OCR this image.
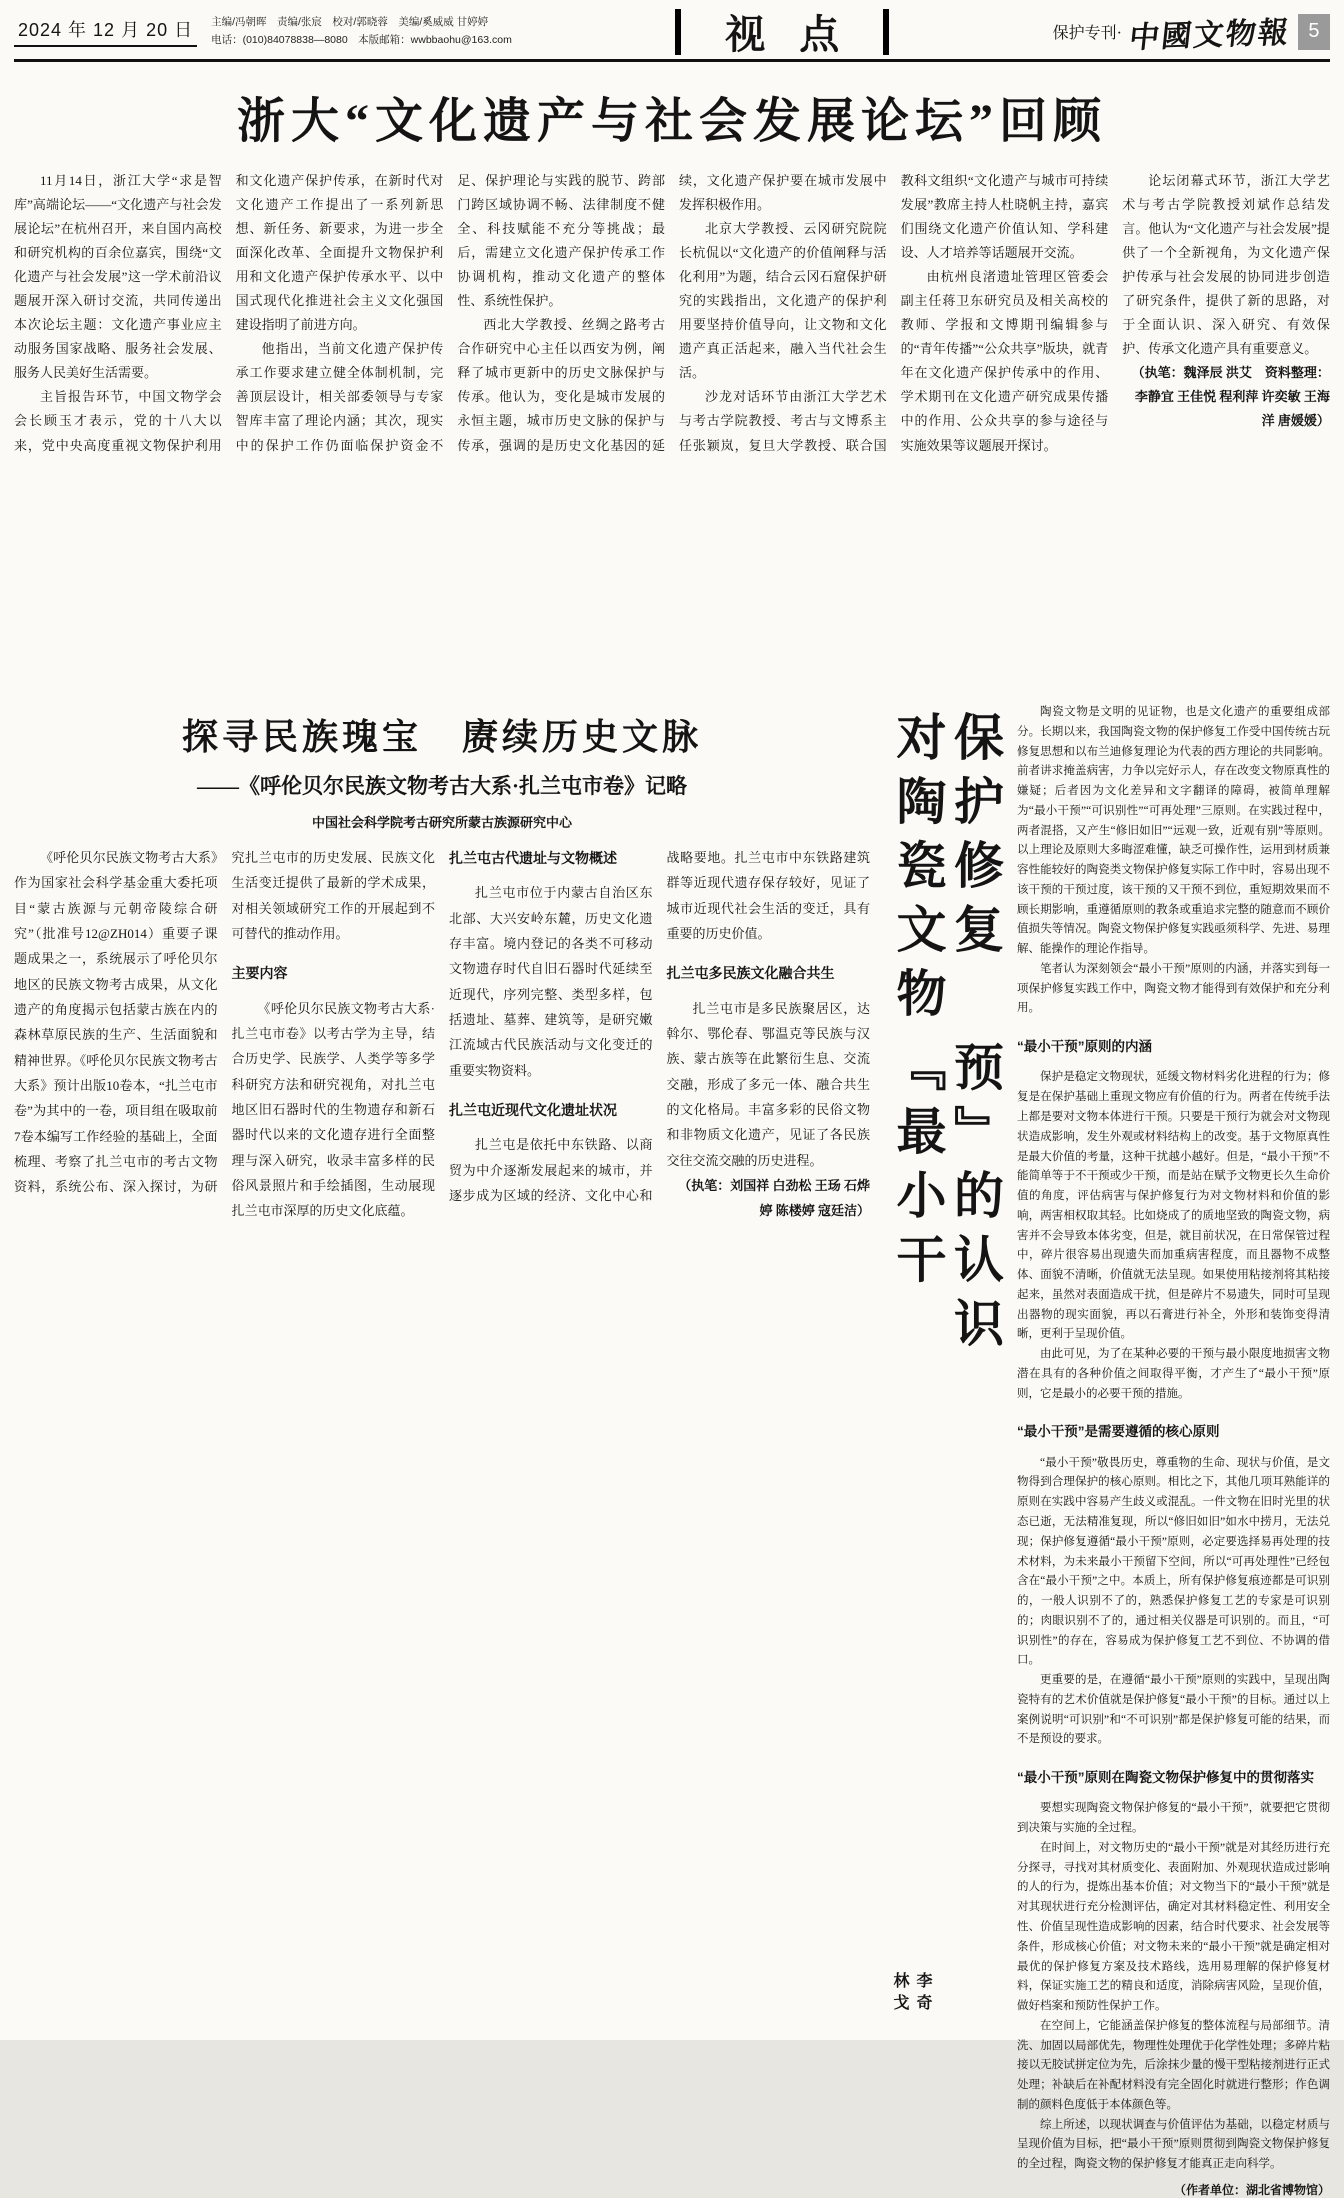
2024 年 12 月 20 日	主编/冯朝晖　责编/张宸　校对/郭晓蓉　美编/奚威威 甘婷婷
电话：(010)84078838—8080　本版邮箱：wwbbaohu@163.com	视点	保护专刊· 中國文物報 5
浙大“文化遗产与社会发展论坛”回顾

11月14日，浙江大学“求是智库”高端论坛——“文化遗产与社会发展论坛”在杭州召开，来自国内高校和研究机构的百余位嘉宾，围绕“文化遗产与社会发展”这一学术前沿议题展开深入研讨交流，共同传递出本次论坛主题：文化遗产事业应主动服务国家战略、服务社会发展、服务人民美好生活需要。

主旨报告环节，中国文物学会会长顾玉才表示，党的十八大以来，党中央高度重视文物保护利用和文化遗产保护传承，在新时代对文化遗产工作提出了一系列新思想、新任务、新要求，为进一步全面深化改革、全面提升文物保护利用和文化遗产保护传承水平、以中国式现代化推进社会主义文化强国建设指明了前进方向。

他指出，当前文化遗产保护传承工作要求建立健全体制机制，完善顶层设计，相关部委领导与专家智库丰富了理论内涵；其次，现实中的保护工作仍面临保护资金不足、保护理论与实践的脱节、跨部门跨区域协调不畅、法律制度不健全、科技赋能不充分等挑战；最后，需建立文化遗产保护传承工作协调机构，推动文化遗产的整体性、系统性保护。

西北大学教授、丝绸之路考古合作研究中心主任以西安为例，阐释了城市更新中的历史文脉保护与传承。他认为，变化是城市发展的永恒主题，城市历史文脉的保护与传承，强调的是历史文化基因的延续，文化遗产保护要在城市发展中发挥积极作用。

北京大学教授、云冈研究院院长杭侃以“文化遗产的价值阐释与活化利用”为题，结合云冈石窟保护研究的实践指出，文化遗产的保护利用要坚持价值导向，让文物和文化遗产真正活起来，融入当代社会生活。

沙龙对话环节由浙江大学艺术与考古学院教授、考古与文博系主任张颖岚，复旦大学教授、联合国教科文组织“文化遗产与城市可持续发展”教席主持人杜晓帆主持，嘉宾们围绕文化遗产价值认知、学科建设、人才培养等话题展开交流。

由杭州良渚遗址管理区管委会副主任蒋卫东研究员及相关高校的教师、学报和文博期刊编辑参与的“青年传播”“公众共享”版块，就青年在文化遗产保护传承中的作用、学术期刊在文化遗产研究成果传播中的作用、公众共享的参与途径与实施效果等议题展开探讨。

论坛闭幕式环节，浙江大学艺术与考古学院教授刘斌作总结发言。他认为“文化遗产与社会发展”提供了一个全新视角，为文化遗产保护传承与社会发展的协同进步创造了研究条件，提供了新的思路，对于全面认识、深入研究、有效保护、传承文化遗产具有重要意义。

（执笔：魏泽辰 洪艾　资料整理：李静宜 王佳悦 程利萍 许奕敏 王海洋 唐媛媛）

探寻民族瑰宝　赓续历史文脉
——《呼伦贝尔民族文物考古大系·扎兰屯市卷》记略
中国社会科学院考古研究所蒙古族源研究中心

《呼伦贝尔民族文物考古大系》作为国家社会科学基金重大委托项目“蒙古族源与元朝帝陵综合研究”（批准号12@ZH014）重要子课题成果之一，系统展示了呼伦贝尔地区的民族文物考古成果，从文化遗产的角度揭示包括蒙古族在内的森林草原民族的生产、生活面貌和精神世界。《呼伦贝尔民族文物考古大系》预计出版10卷本，“扎兰屯市卷”为其中的一卷，项目组在吸取前7卷本编写工作经验的基础上，全面梳理、考察了扎兰屯市的考古文物资料，系统公布、深入探讨，为研究扎兰屯市的历史发展、民族文化生活变迁提供了最新的学术成果，对相关领域研究工作的开展起到不可替代的推动作用。

主要内容

《呼伦贝尔民族文物考古大系·扎兰屯市卷》以考古学为主导，结合历史学、民族学、人类学等多学科研究方法和研究视角，对扎兰屯地区旧石器时代的生物遗存和新石器时代以来的文化遗存进行全面整理与深入研究，收录丰富多样的民俗风景照片和手绘插图，生动展现扎兰屯市深厚的历史文化底蕴。

扎兰屯古代遗址与文物概述

扎兰屯市位于内蒙古自治区东北部、大兴安岭东麓，历史文化遗存丰富。境内登记的各类不可移动文物遗存时代自旧石器时代延续至近现代，序列完整、类型多样，包括遗址、墓葬、建筑等，是研究嫩江流域古代民族活动与文化变迁的重要实物资料。

扎兰屯近现代文化遗址状况

扎兰屯是依托中东铁路、以商贸为中介逐渐发展起来的城市，并逐步成为区域的经济、文化中心和战略要地。扎兰屯市中东铁路建筑群等近现代遗存保存较好，见证了城市近现代社会生活的变迁，具有重要的历史价值。

扎兰屯多民族文化融合共生

扎兰屯市是多民族聚居区，达斡尔、鄂伦春、鄂温克等民族与汉族、蒙古族等在此繁衍生息、交流交融，形成了多元一体、融合共生的文化格局。丰富多彩的民俗文物和非物质文化遗产，见证了各民族交往交流交融的历史进程。

（执笔：刘国祥 白劲松 王玚 石烨婷 陈楼婷 寇廷洁）

对陶瓷文物保护修复
『最小干预』的认识
林戈　李奇

陶瓷文物是文明的见证物，也是文化遗产的重要组成部分。长期以来，我国陶瓷文物的保护修复工作受中国传统古玩修复思想和以布兰迪修复理论为代表的西方理论的共同影响。前者讲求掩盖病害，力争以完好示人，存在改变文物原真性的嫌疑；后者因为文化差异和文字翻译的障碍，被简单理解为“最小干预”“可识别性”“可再处理”三原则。在实践过程中，两者混搭，又产生“修旧如旧”“远观一致，近观有别”等原则。以上理论及原则大多晦涩难懂，缺乏可操作性，运用到材质兼容性能较好的陶瓷类文物保护修复实际工作中时，容易出现不该干预的干预过度，该干预的又干预不到位，重短期效果而不顾长期影响，重遵循原则的教条或重追求完整的随意而不顾价值损失等情况。陶瓷文物保护修复实践亟须科学、先进、易理解、能操作的理论作指导。

笔者认为深刻领会“最小干预”原则的内涵，并落实到每一项保护修复实践工作中，陶瓷文物才能得到有效保护和充分利用。

“最小干预”原则的内涵

保护是稳定文物现状，延缓文物材料劣化进程的行为；修复是在保护基础上重现文物应有价值的行为。两者在传统手法上都是要对文物本体进行干预。只要是干预行为就会对文物现状造成影响，发生外观或材料结构上的改变。基于文物原真性是最大价值的考量，这种干扰越小越好。但是，“最小干预”不能简单等于不干预或少干预，而是站在赋予文物更长久生命价值的角度，评估病害与保护修复行为对文物材料和价值的影响，两害相权取其轻。比如烧成了的质地坚致的陶瓷文物，病害并不会导致本体劣变，但是，就目前状况，在日常保管过程中，碎片很容易出现遗失而加重病害程度，而且器物不成整体、面貌不清晰，价值就无法呈现。如果使用粘接剂将其粘接起来，虽然对表面造成干扰，但是碎片不易遗失，同时可呈现出器物的现实面貌，再以石膏进行补全，外形和装饰变得清晰，更利于呈现价值。

由此可见，为了在某种必要的干预与最小限度地损害文物潜在具有的各种价值之间取得平衡，才产生了“最小干预”原则，它是最小的必要干预的措施。

“最小干预”是需要遵循的核心原则

“最小干预”敬畏历史，尊重物的生命、现状与价值，是文物得到合理保护的核心原则。相比之下，其他几项耳熟能详的原则在实践中容易产生歧义或混乱。一件文物在旧时光里的状态已逝，无法精准复现，所以“修旧如旧”如水中捞月，无法兑现；保护修复遵循“最小干预”原则，必定要选择易再处理的技术材料，为未来最小干预留下空间，所以“可再处理性”已经包含在“最小干预”之中。本质上，所有保护修复痕迹都是可识别的，一般人识别不了的，熟悉保护修复工艺的专家是可识别的；肉眼识别不了的，通过相关仪器是可识别的。而且，“可识别性”的存在，容易成为保护修复工艺不到位、不协调的借口。

更重要的是，在遵循“最小干预”原则的实践中，呈现出陶瓷特有的艺术价值就是保护修复“最小干预”的目标。通过以上案例说明“可识别”和“不可识别”都是保护修复可能的结果，而不是预设的要求。

“最小干预”原则在陶瓷文物保护修复中的贯彻落实

要想实现陶瓷文物保护修复的“最小干预”，就要把它贯彻到决策与实施的全过程。

在时间上，对文物历史的“最小干预”就是对其经历进行充分探寻，寻找对其材质变化、表面附加、外观现状造成过影响的人的行为，提炼出基本价值；对文物当下的“最小干预”就是对其现状进行充分检测评估，确定对其材料稳定性、利用安全性、价值呈现性造成影响的因素，结合时代要求、社会发展等条件，形成核心价值；对文物未来的“最小干预”就是确定相对最优的保护修复方案及技术路线，选用易理解的保护修复材料，保证实施工艺的精良和适度，消除病害风险，呈现价值，做好档案和预防性保护工作。

在空间上，它能涵盖保护修复的整体流程与局部细节。清洗、加固以局部优先，物理性处理优于化学性处理；多碎片粘接以无胶试拼定位为先，后涂抹少量的慢干型粘接剂进行正式处理；补缺后在补配材料没有完全固化时就进行整形；作色调制的颜料色度低于本体颜色等。

综上所述，以现状调查与价值评估为基础，以稳定材质与呈现价值为目标，把“最小干预”原则贯彻到陶瓷文物保护修复的全过程，陶瓷文物的保护修复才能真正走向科学。

（作者单位：湖北省博物馆）
